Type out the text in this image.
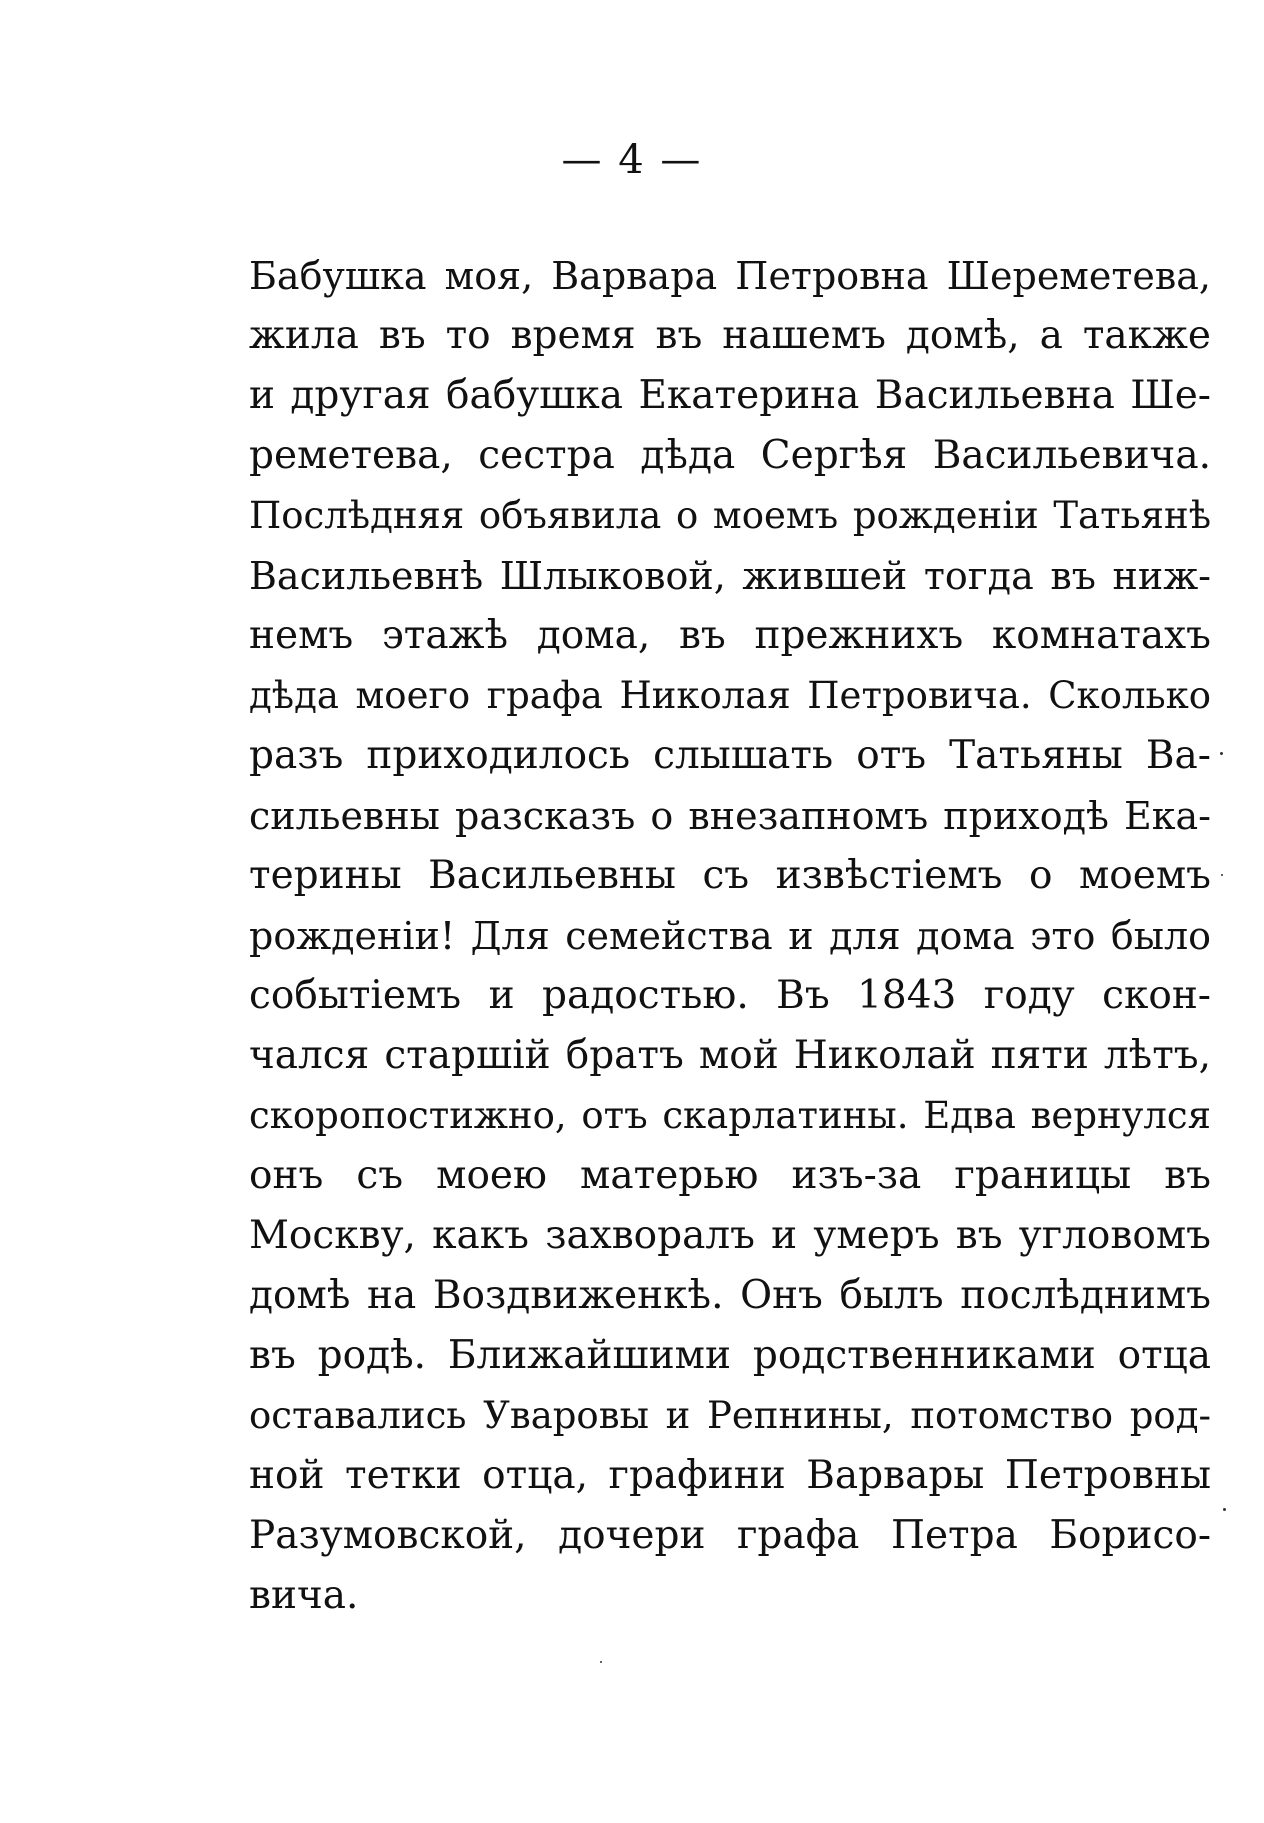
— 4 —
Бабушка моя, Варвара Петровна Шереметева,
жила въ то время въ нашемъ домѣ, а также
и другая бабушка Екатерина Васильевна Ше-
реметева, сестра дѣда Сергѣя Васильевича.
Послѣдняя объявила о моемъ рожденіи Татьянѣ
Васильевнѣ Шлыковой, жившей тогда въ ниж-
немъ этажѣ дома, въ прежнихъ комнатахъ
дѣда моего графа Николая Петровича. Сколько
разъ приходилось слышать отъ Татьяны Ва-
сильевны разсказъ о внезапномъ приходѣ Ека-
терины Васильевны съ извѣстіемъ о моемъ
рожденіи! Для семейства и для дома это было
событіемъ и радостью. Въ 1843 году скон-
чался старшій братъ мой Николай пяти лѣтъ,
скоропостижно, отъ скарлатины. Едва вернулся
онъ съ моею матерью изъ-за границы въ
Москву, какъ захворалъ и умеръ въ угловомъ
домѣ на Воздвиженкѣ. Онъ былъ послѣднимъ
въ родѣ. Ближайшими родственниками отца
оставались Уваровы и Репнины, потомство род-
ной тетки отца, графини Варвары Петровны
Разумовской, дочери графа Петра Борисо-
вича.
